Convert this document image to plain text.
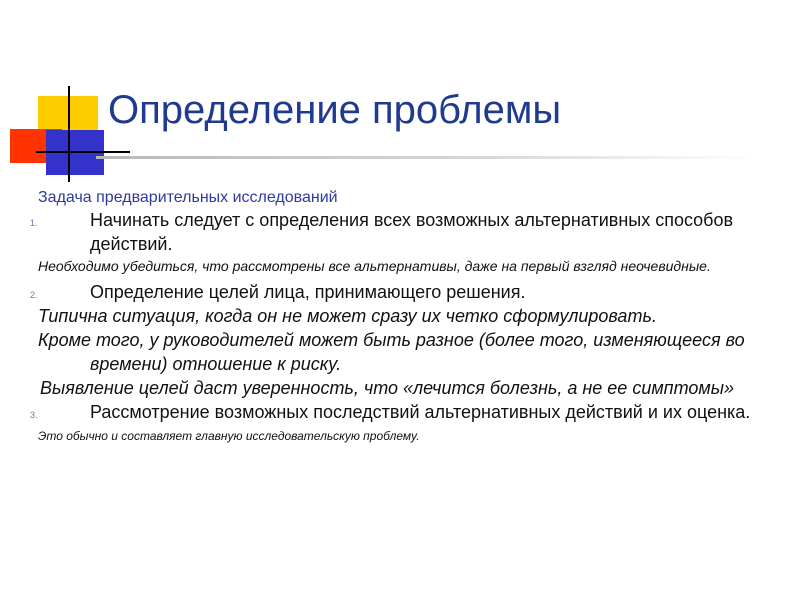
Определение проблемы

Задача предварительных исследований

1.	Начинать следует с определения всех возможных альтернативных способов действий.
Необходимо убедиться, что рассмотрены все альтернативы, даже на первый взгляд неочевидные.
2.	Определение целей лица, принимающего решения.
Типична ситуация, когда он не может сразу их четко сформулировать.
Кроме того, у руководителей может быть разное (более того, изменяющееся во времени) отношение к риску.
Выявление целей даст уверенность, что «лечится болезнь, а не ее симптомы»
3.	Рассмотрение возможных последствий альтернативных действий и их оценка.

Это обычно и составляет главную исследовательскую проблему.
